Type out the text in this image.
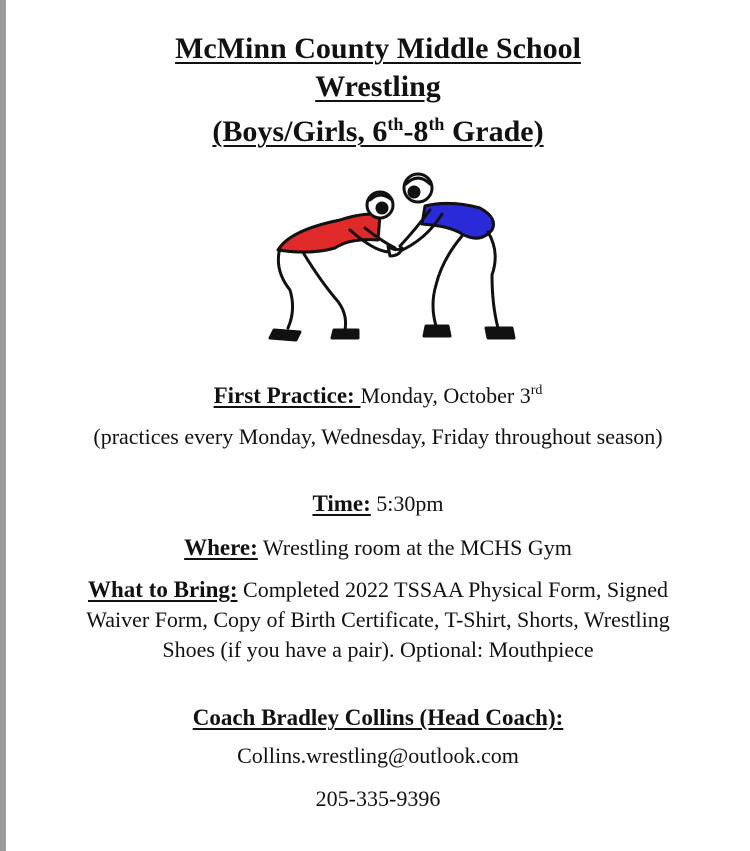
McMinn County Middle School
Wrestling
(Boys/Girls, 6th-8th Grade)
First Practice: Monday, October 3rd
(practices every Monday, Wednesday, Friday throughout season)
Time: 5:30pm
Where: Wrestling room at the MCHS Gym
What to Bring: Completed 2022 TSSAA Physical Form, Signed Waiver Form, Copy of Birth Certificate, T-Shirt, Shorts, Wrestling Shoes (if you have a pair). Optional: Mouthpiece
Coach Bradley Collins (Head Coach):
Collins.wrestling@outlook.com
205-335-9396
